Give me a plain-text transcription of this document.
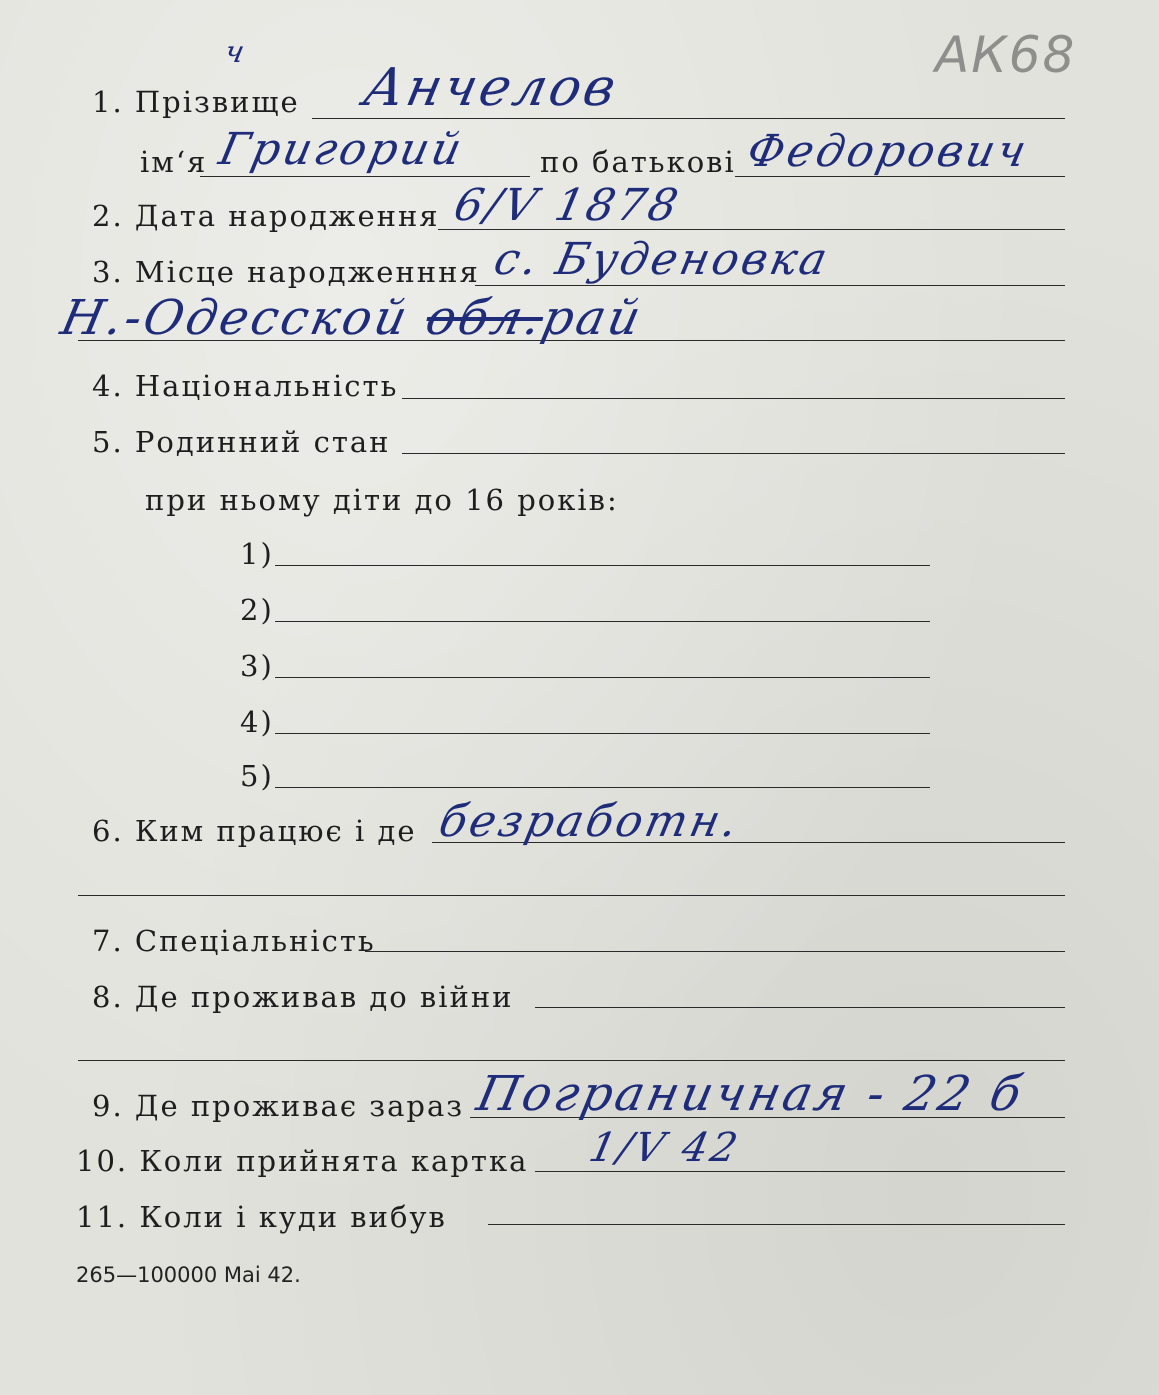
АК68
ч
1. Прізвище Анчелов
ім‘я Григорий по батькові Федорович
2. Дата народження 6/V 1878
3. Місце народженння с. Буденовка
Н.-Одесской обл.рай
4. Національність
5. Родинний стан
при ньому діти до 16 років:
1)
2)
3)
4)
5)
6. Ким працює і де безработн.
7. Спеціальність
8. Де проживав до війни
9. Де проживає зараз Пограничная - 22 б
10. Коли прийнята картка 1/V 42
11. Коли і куди вибув
265—100000 Mai 42.
